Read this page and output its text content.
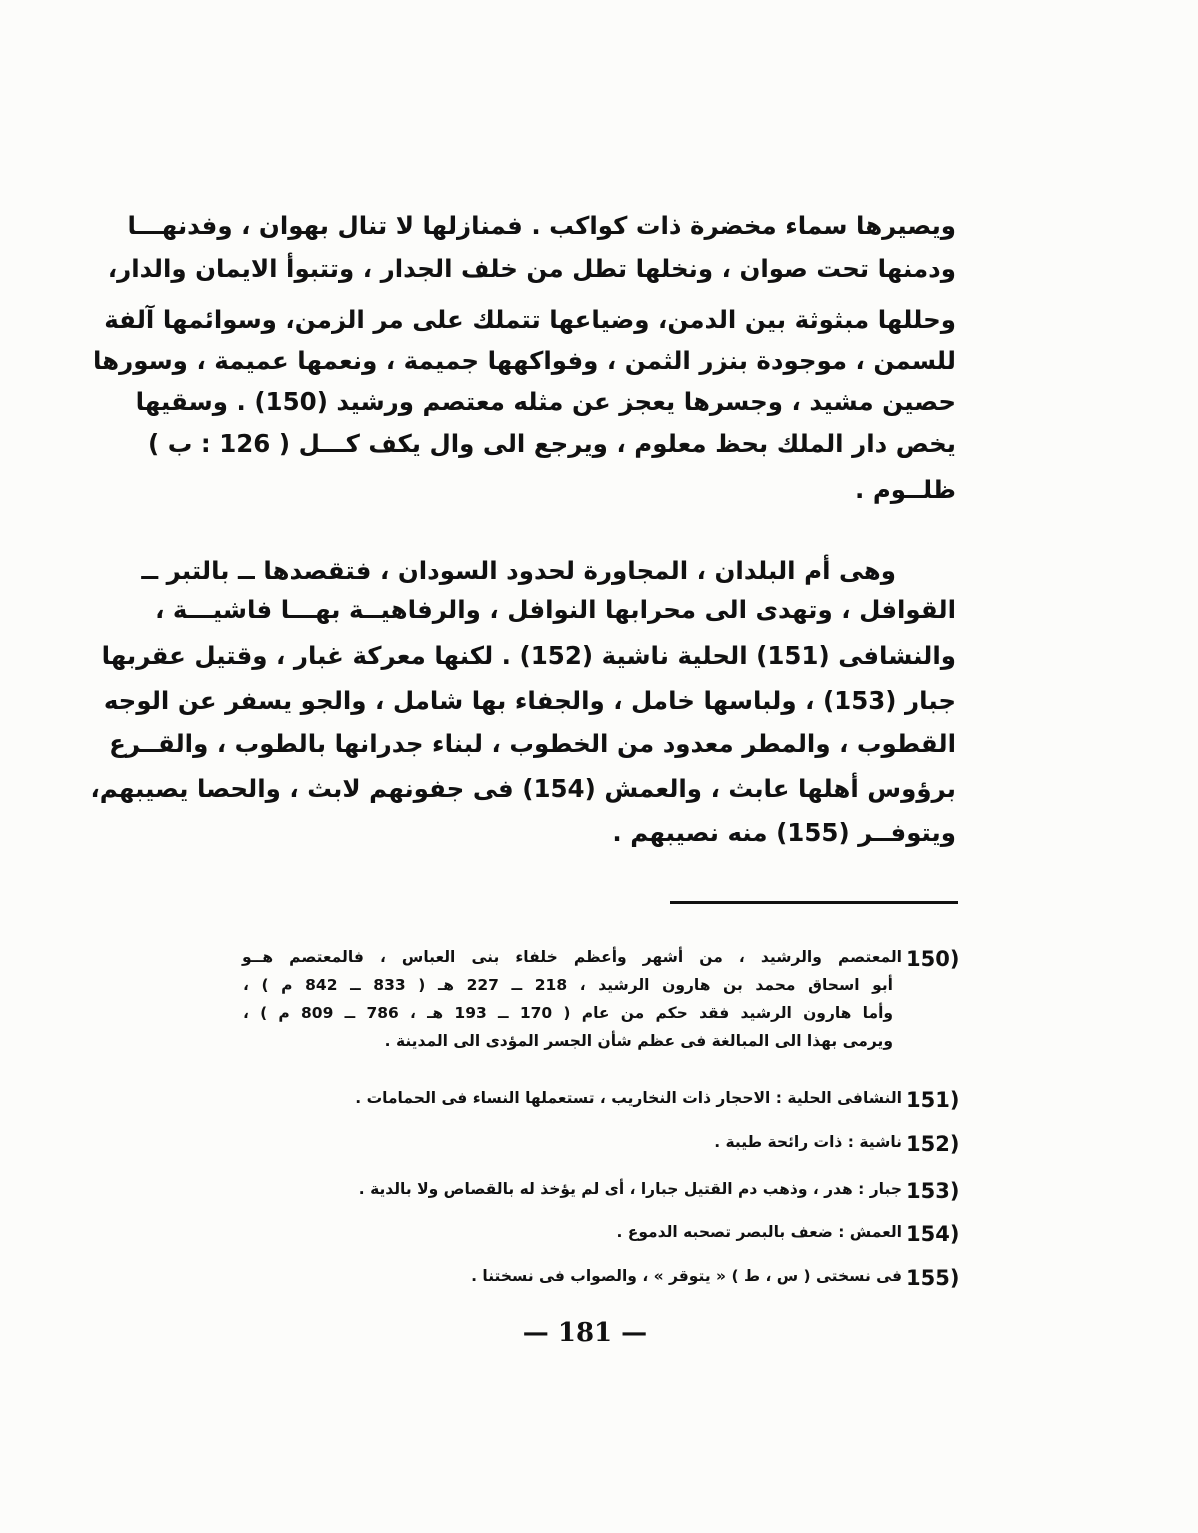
ويصيرها سماء مخضرة ذات كواكب . فمنازلها لا تنال بهوان ، وفدنهـــا
ودمنها تحت صوان ، ونخلها تطل من خلف الجدار ، وتتبوأ الايمان والدار،
وحللها مبثوثة بين الدمن، وضياعها تتملك على مر الزمن، وسوائمها آلفة
للسمن ، موجودة بنزر الثمن ، وفواكهها جميمة ، ونعمها عميمة ، وسورها
حصين مشيد ، وجسرها يعجز عن مثله معتصم ورشيد (150) . وسقيها
يخص دار الملك بحظ معلوم ، ويرجع الى وال يكف كـــل ( 126 : ب )
ظلــوم .
وهى أم البلدان ، المجاورة لحدود السودان ، فتقصدها ــ بالتبر ــ
القوافل ، وتهدى الى محرابها النوافل ، والرفاهيــة بهـــا فاشيـــة ،
والنشافى (151) الحلية ناشية (152) . لكنها معركة غبار ، وقتيل عقربها
جبار (153) ، ولباسها خامل ، والجفاء بها شامل ، والجو يسفر عن الوجه
القطوب ، والمطر معدود من الخطوب ، لبناء جدرانها بالطوب ، والقــرع
برؤوس أهلها عابث ، والعمش (154) فى جفونهم لابث ، والحصا يصيبهم،
ويتوفــر (155) منه نصيبهم .
150)
المعتصم والرشيد ، من أشهر وأعظم خلفاء بنى العباس ، فالمعتصم هــو
أبو اسحاق محمد بن هارون الرشيد ، 218 ــ 227 هـ ( 833 ــ 842 م ) ،
وأما هارون الرشيد فقد حكم من عام ( 170 ــ 193 هـ ، 786 ــ 809 م ) ،
ويرمى بهذا الى المبالغة فى عظم شأن الجسر المؤدى الى المدينة .
151)
النشافى الحلية : الاحجار ذات النخاريب ، تستعملها النساء فى الحمامات .
152)
ناشية : ذات رائحة طيبة .
153)
جبار : هدر ، وذهب دم القتيل جبارا ، أى لم يؤخذ له بالقصاص ولا بالدية .
154)
العمش : ضعف بالبصر تصحبه الدموع .
155)
فى نسختى ( س ، ط ) « يتوقر » ، والصواب فى نسختنا .
— 181 —
